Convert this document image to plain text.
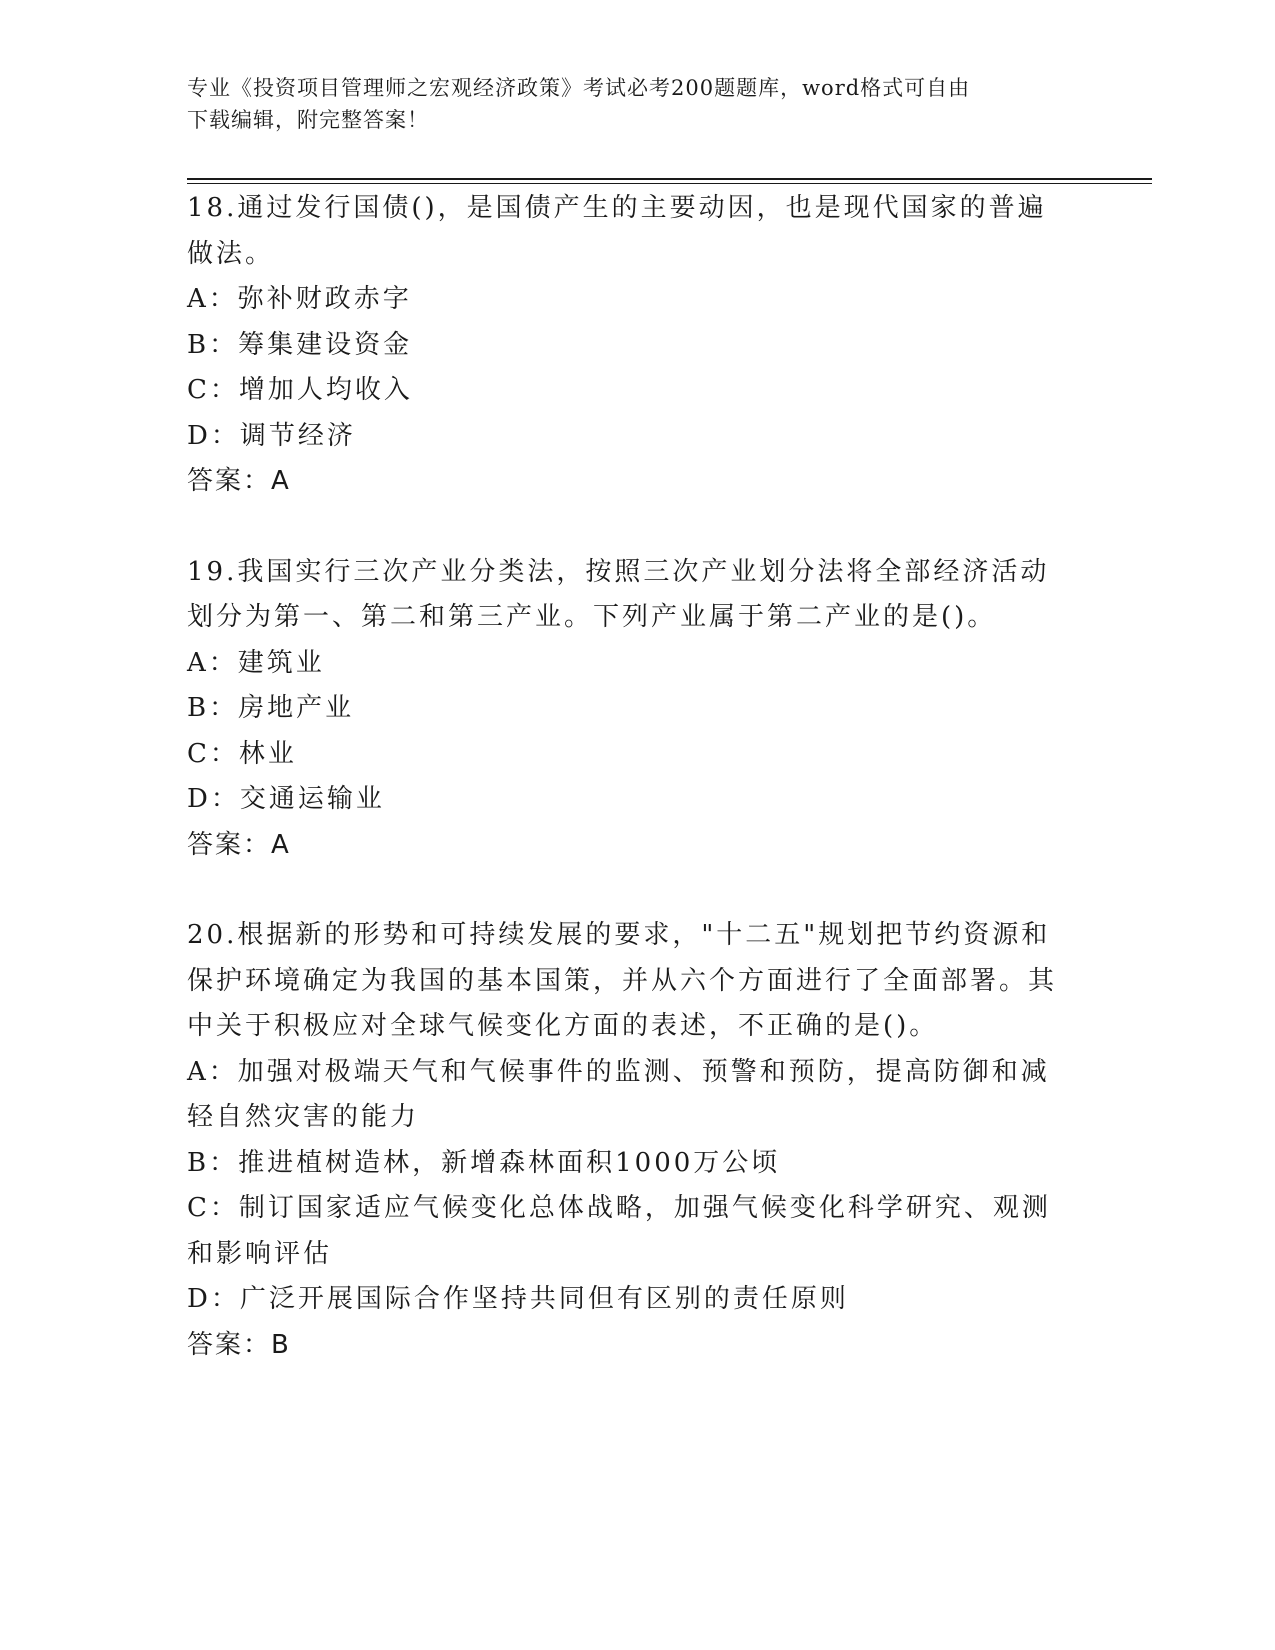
专业《投资项目管理师之宏观经济政策》考试必考200题题库，word格式可自由
下载编辑，附完整答案！

18.通过发行国债()，是国债产生的主要动因，也是现代国家的普遍做法。

A：弥补财政赤字

B：筹集建设资金

C：增加人均收入

D：调节经济

答案：A

19.我国实行三次产业分类法，按照三次产业划分法将全部经济活动划分为第一、第二和第三产业。下列产业属于第二产业的是()。

A：建筑业

B：房地产业

C：林业

D：交通运输业

答案：A

20.根据新的形势和可持续发展的要求，"十二五"规划把节约资源和保护环境确定为我国的基本国策，并从六个方面进行了全面部署。其中关于积极应对全球气候变化方面的表述，不正确的是()。

A：加强对极端天气和气候事件的监测、预警和预防，提高防御和减轻自然灾害的能力

B：推进植树造林，新增森林面积1000万公顷

C：制订国家适应气候变化总体战略，加强气候变化科学研究、观测和影响评估

D：广泛开展国际合作坚持共同但有区别的责任原则

答案：B
